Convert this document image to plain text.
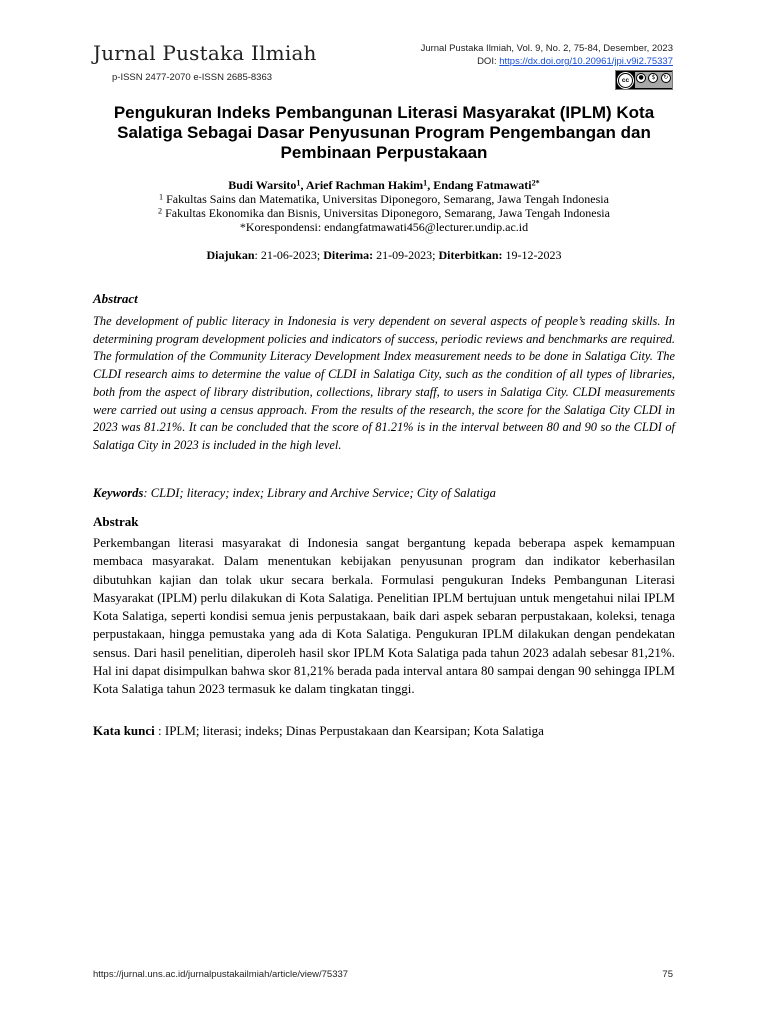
Jurnal Pustaka Ilmiah
p-ISSN 2477-2070 e-ISSN 2685-8363
Jurnal Pustaka Ilmiah, Vol. 9, No. 2, 75-84, Desember, 2023
DOI: https://dx.doi.org/10.20961/jpi.v9i2.75337
cc	●	$	↻
Pengukuran Indeks Pembangunan Literasi Masyarakat (IPLM) Kota Salatiga Sebagai Dasar Penyusunan Program Pengembangan dan Pembinaan Perpustakaan
Budi Warsito$^1$, Arief Rachman Hakim$^1$, Endang Fatmawati$^{2*}$
$^1$ Fakultas Sains dan Matematika, Universitas Diponegoro, Semarang, Jawa Tengah Indonesia
$^2$ Fakultas Ekonomika dan Bisnis, Universitas Diponegoro, Semarang, Jawa Tengah Indonesia
*Korespondensi: endangfatmawati456@lecturer.undip.ac.id
Diajukan: 21-06-2023; Diterima: 21-09-2023; Diterbitkan: 19-12-2023
Abstract
The development of public literacy in Indonesia is very dependent on several aspects of people’s reading skills. In determining program development policies and indicators of success, periodic reviews and benchmarks are required. The formulation of the Community Literacy Development Index measurement needs to be done in Salatiga City. The CLDI research aims to determine the value of CLDI in Salatiga City, such as the condition of all types of libraries, both from the aspect of library distribution, collections, library staff, to users in Salatiga City. CLDI measurements were carried out using a census approach. From the results of the research, the score for the Salatiga City CLDI in 2023 was 81.21%. It can be concluded that the score of 81.21% is in the interval between 80 and 90 so the CLDI of Salatiga City in 2023 is included in the high level.
Keywords: CLDI; literacy; index; Library and Archive Service; City of Salatiga
Abstrak
Perkembangan literasi masyarakat di Indonesia sangat bergantung kepada beberapa aspek kemampuan membaca masyarakat. Dalam menentukan kebijakan penyusunan program dan indikator keberhasilan dibutuhkan kajian dan tolak ukur secara berkala. Formulasi pengukuran Indeks Pembangunan Literasi Masyarakat (IPLM) perlu dilakukan di Kota Salatiga. Penelitian IPLM bertujuan untuk mengetahui nilai IPLM Kota Salatiga, seperti kondisi semua jenis perpustakaan, baik dari aspek sebaran perpustakaan, koleksi, tenaga perpustakaan, hingga pemustaka yang ada di Kota Salatiga. Pengukuran IPLM dilakukan dengan pendekatan sensus. Dari hasil penelitian, diperoleh hasil skor IPLM Kota Salatiga pada tahun 2023 adalah sebesar 81,21%. Hal ini dapat disimpulkan bahwa skor 81,21% berada pada interval antara 80 sampai dengan 90 sehingga IPLM Kota Salatiga tahun 2023 termasuk ke dalam tingkatan tinggi.
Kata kunci : IPLM; literasi; indeks; Dinas Perpustakaan dan Kearsipan; Kota Salatiga
https://jurnal.uns.ac.id/jurnalpustakailmiah/article/view/75337	75
